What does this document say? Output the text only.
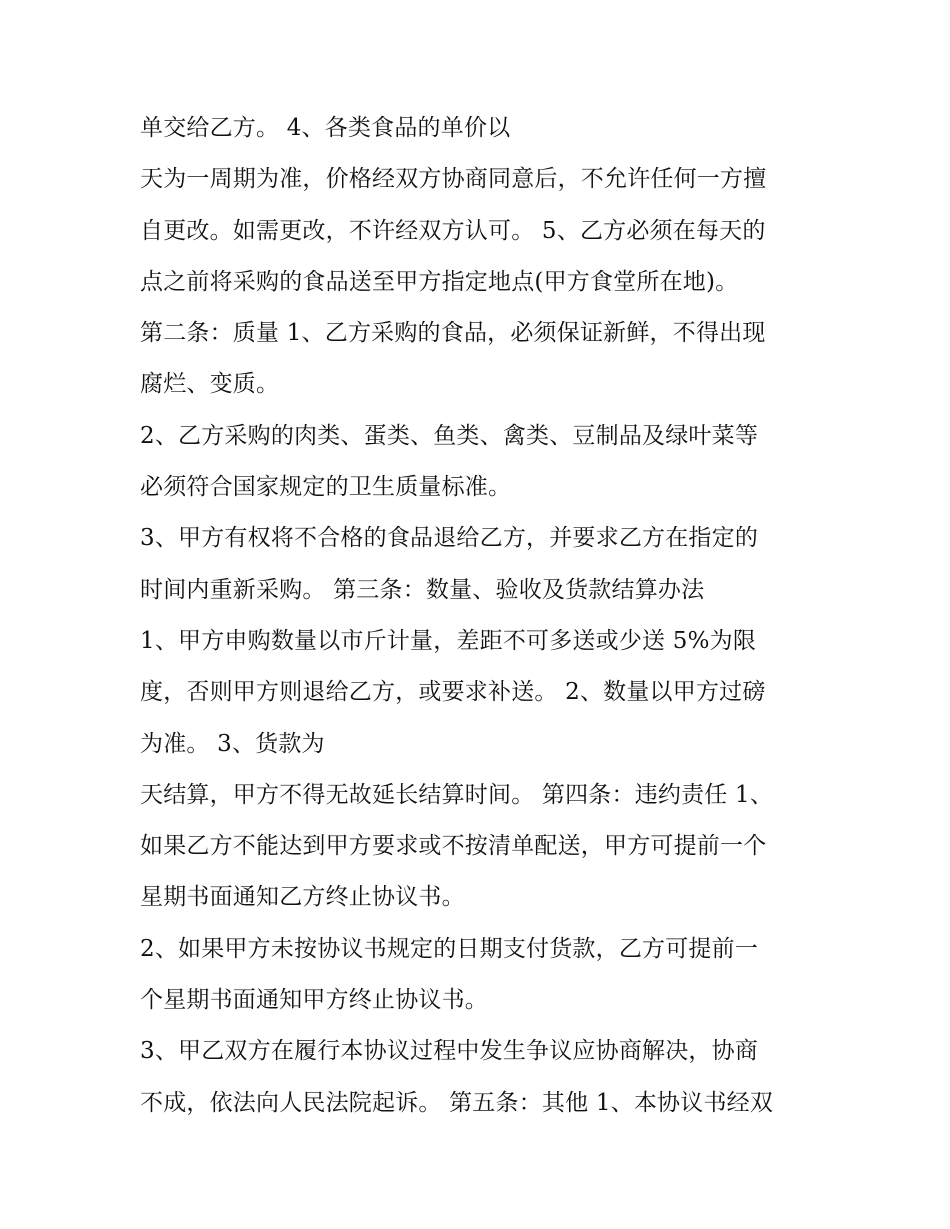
单交给乙方。 4、各类食品的单价以
天为一周期为准，价格经双方协商同意后，不允许任何一方擅
自更改。如需更改，不许经双方认可。 5、乙方必须在每天的
点之前将采购的食品送至甲方指定地点(甲方食堂所在地)。
第二条：质量 1、乙方采购的食品，必须保证新鲜，不得出现
腐烂、变质。
2、乙方采购的肉类、蛋类、鱼类、禽类、豆制品及绿叶菜等
必须符合国家规定的卫生质量标准。
3、甲方有权将不合格的食品退给乙方，并要求乙方在指定的
时间内重新采购。 第三条：数量、验收及货款结算办法
1、甲方申购数量以市斤计量，差距不可多送或少送 5%为限
度，否则甲方则退给乙方，或要求补送。 2、数量以甲方过磅
为准。 3、货款为
天结算，甲方不得无故延长结算时间。 第四条：违约责任 1、
如果乙方不能达到甲方要求或不按清单配送，甲方可提前一个
星期书面通知乙方终止协议书。
2、如果甲方未按协议书规定的日期支付货款，乙方可提前一
个星期书面通知甲方终止协议书。
3、甲乙双方在履行本协议过程中发生争议应协商解决，协商
不成，依法向人民法院起诉。 第五条：其他 1、本协议书经双
